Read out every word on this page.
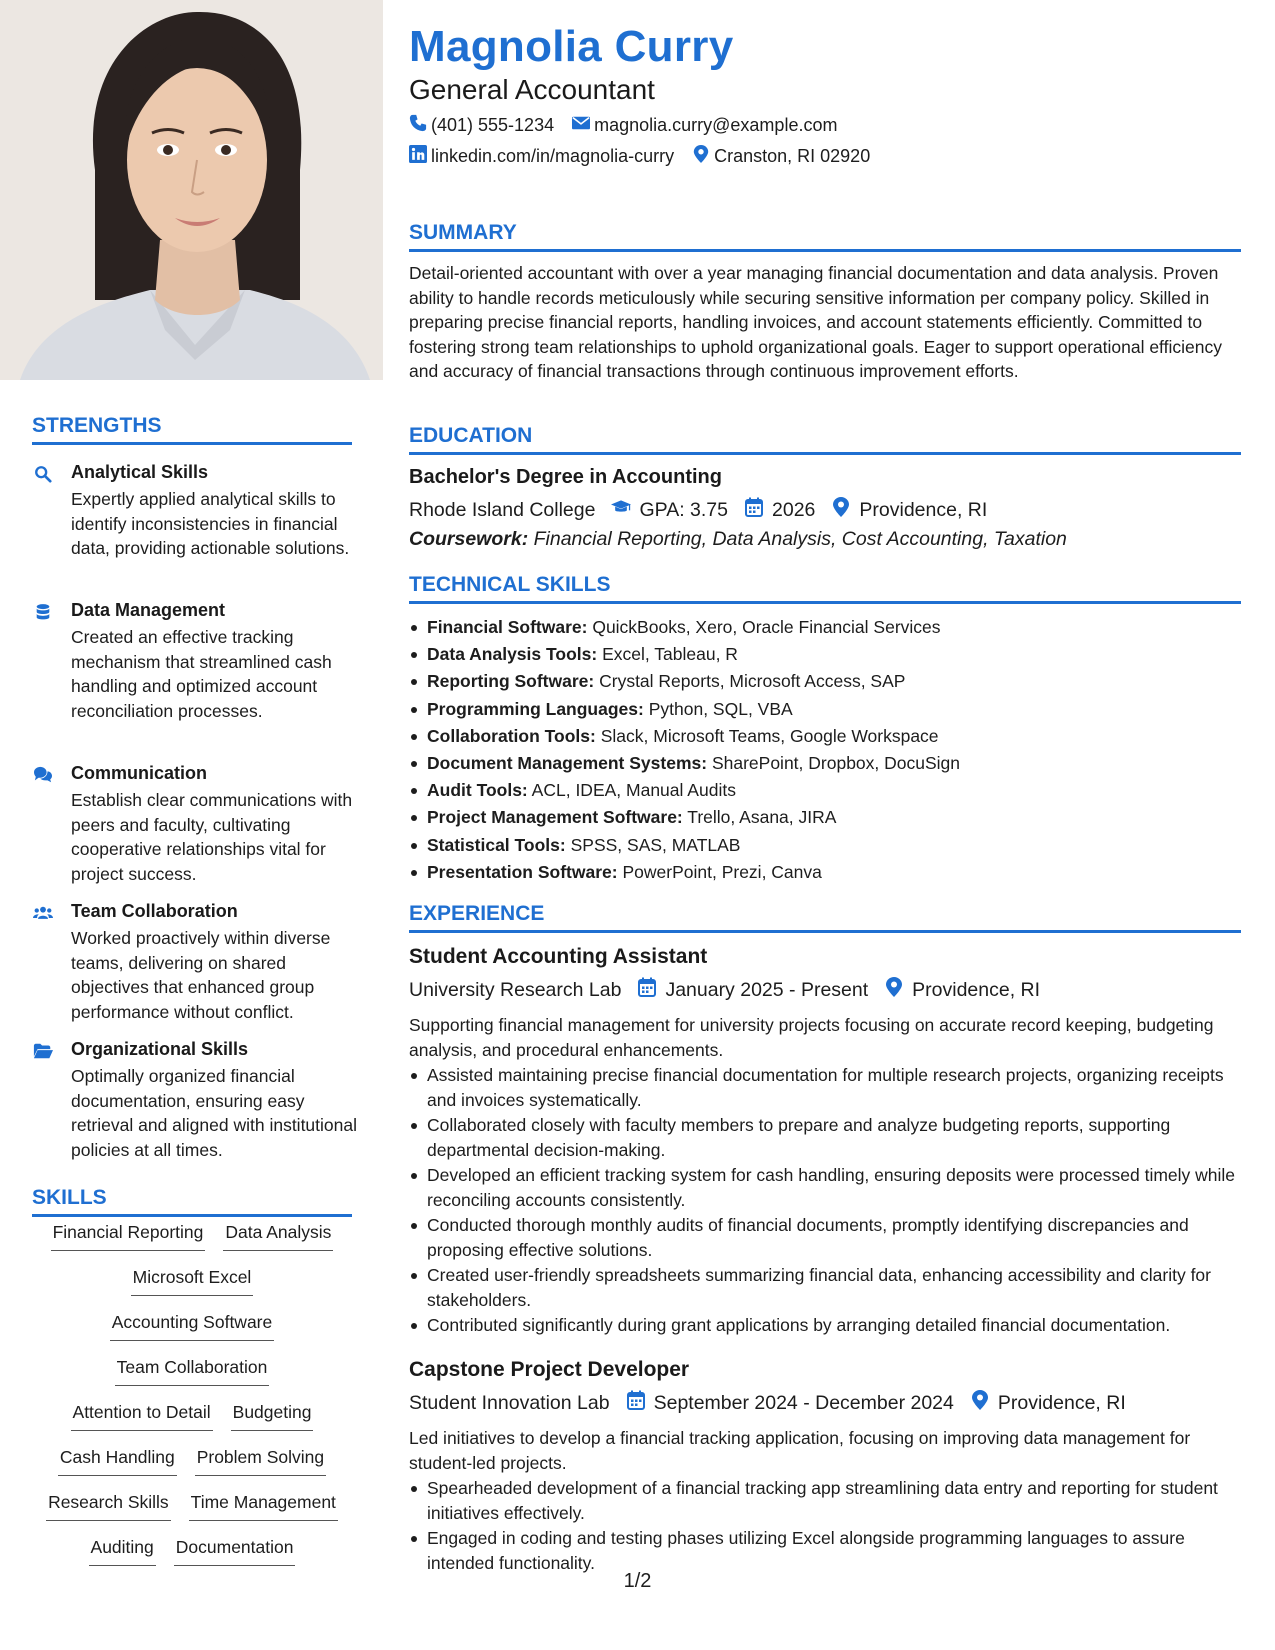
STRENGTHS
Analytical Skills
Expertly applied analytical skills to identify inconsistencies in financial data, providing actionable solutions.
Data Management
Created an effective tracking mechanism that streamlined cash handling and optimized account reconciliation processes.
Communication
Establish clear communications with peers and faculty, cultivating cooperative relationships vital for project success.
Team Collaboration
Worked proactively within diverse teams, delivering on shared objectives that enhanced group performance without conflict.
Organizational Skills
Optimally organized financial documentation, ensuring easy retrieval and aligned with institutional policies at all times.
SKILLS
Financial Reporting Data Analysis
Microsoft Excel
Accounting Software
Team Collaboration
Attention to Detail Budgeting
Cash Handling Problem Solving
Research Skills Time Management
Auditing Documentation
Magnolia Curry
General Accountant
(401) 555-1234 magnolia.curry@example.com
linkedin.com/in/magnolia-curry Cranston, RI 02920
SUMMARY
Detail-oriented accountant with over a year managing financial documentation and data analysis. Proven ability to handle records meticulously while securing sensitive information per company policy. Skilled in preparing precise financial reports, handling invoices, and account statements efficiently. Committed to fostering strong team relationships to uphold organizational goals. Eager to support operational efficiency and accuracy of financial transactions through continuous improvement efforts.
EDUCATION
Bachelor's Degree in Accounting
Rhode Island College GPA: 3.75 2026 Providence, RI
Coursework: Financial Reporting, Data Analysis, Cost Accounting, Taxation
TECHNICAL SKILLS
Financial Software: QuickBooks, Xero, Oracle Financial Services
Data Analysis Tools: Excel, Tableau, R
Reporting Software: Crystal Reports, Microsoft Access, SAP
Programming Languages: Python, SQL, VBA
Collaboration Tools: Slack, Microsoft Teams, Google Workspace
Document Management Systems: SharePoint, Dropbox, DocuSign
Audit Tools: ACL, IDEA, Manual Audits
Project Management Software: Trello, Asana, JIRA
Statistical Tools: SPSS, SAS, MATLAB
Presentation Software: PowerPoint, Prezi, Canva
EXPERIENCE
Student Accounting Assistant
University Research Lab January 2025 - Present Providence, RI
Supporting financial management for university projects focusing on accurate record keeping, budgeting analysis, and procedural enhancements.
Assisted maintaining precise financial documentation for multiple research projects, organizing receipts and invoices systematically.
Collaborated closely with faculty members to prepare and analyze budgeting reports, supporting departmental decision-making.
Developed an efficient tracking system for cash handling, ensuring deposits were processed timely while reconciling accounts consistently.
Conducted thorough monthly audits of financial documents, promptly identifying discrepancies and proposing effective solutions.
Created user-friendly spreadsheets summarizing financial data, enhancing accessibility and clarity for stakeholders.
Contributed significantly during grant applications by arranging detailed financial documentation.
Capstone Project Developer
Student Innovation Lab September 2024 - December 2024 Providence, RI
Led initiatives to develop a financial tracking application, focusing on improving data management for student-led projects.
Spearheaded development of a financial tracking app streamlining data entry and reporting for student initiatives effectively.
Engaged in coding and testing phases utilizing Excel alongside programming languages to assure intended functionality.
1/2
